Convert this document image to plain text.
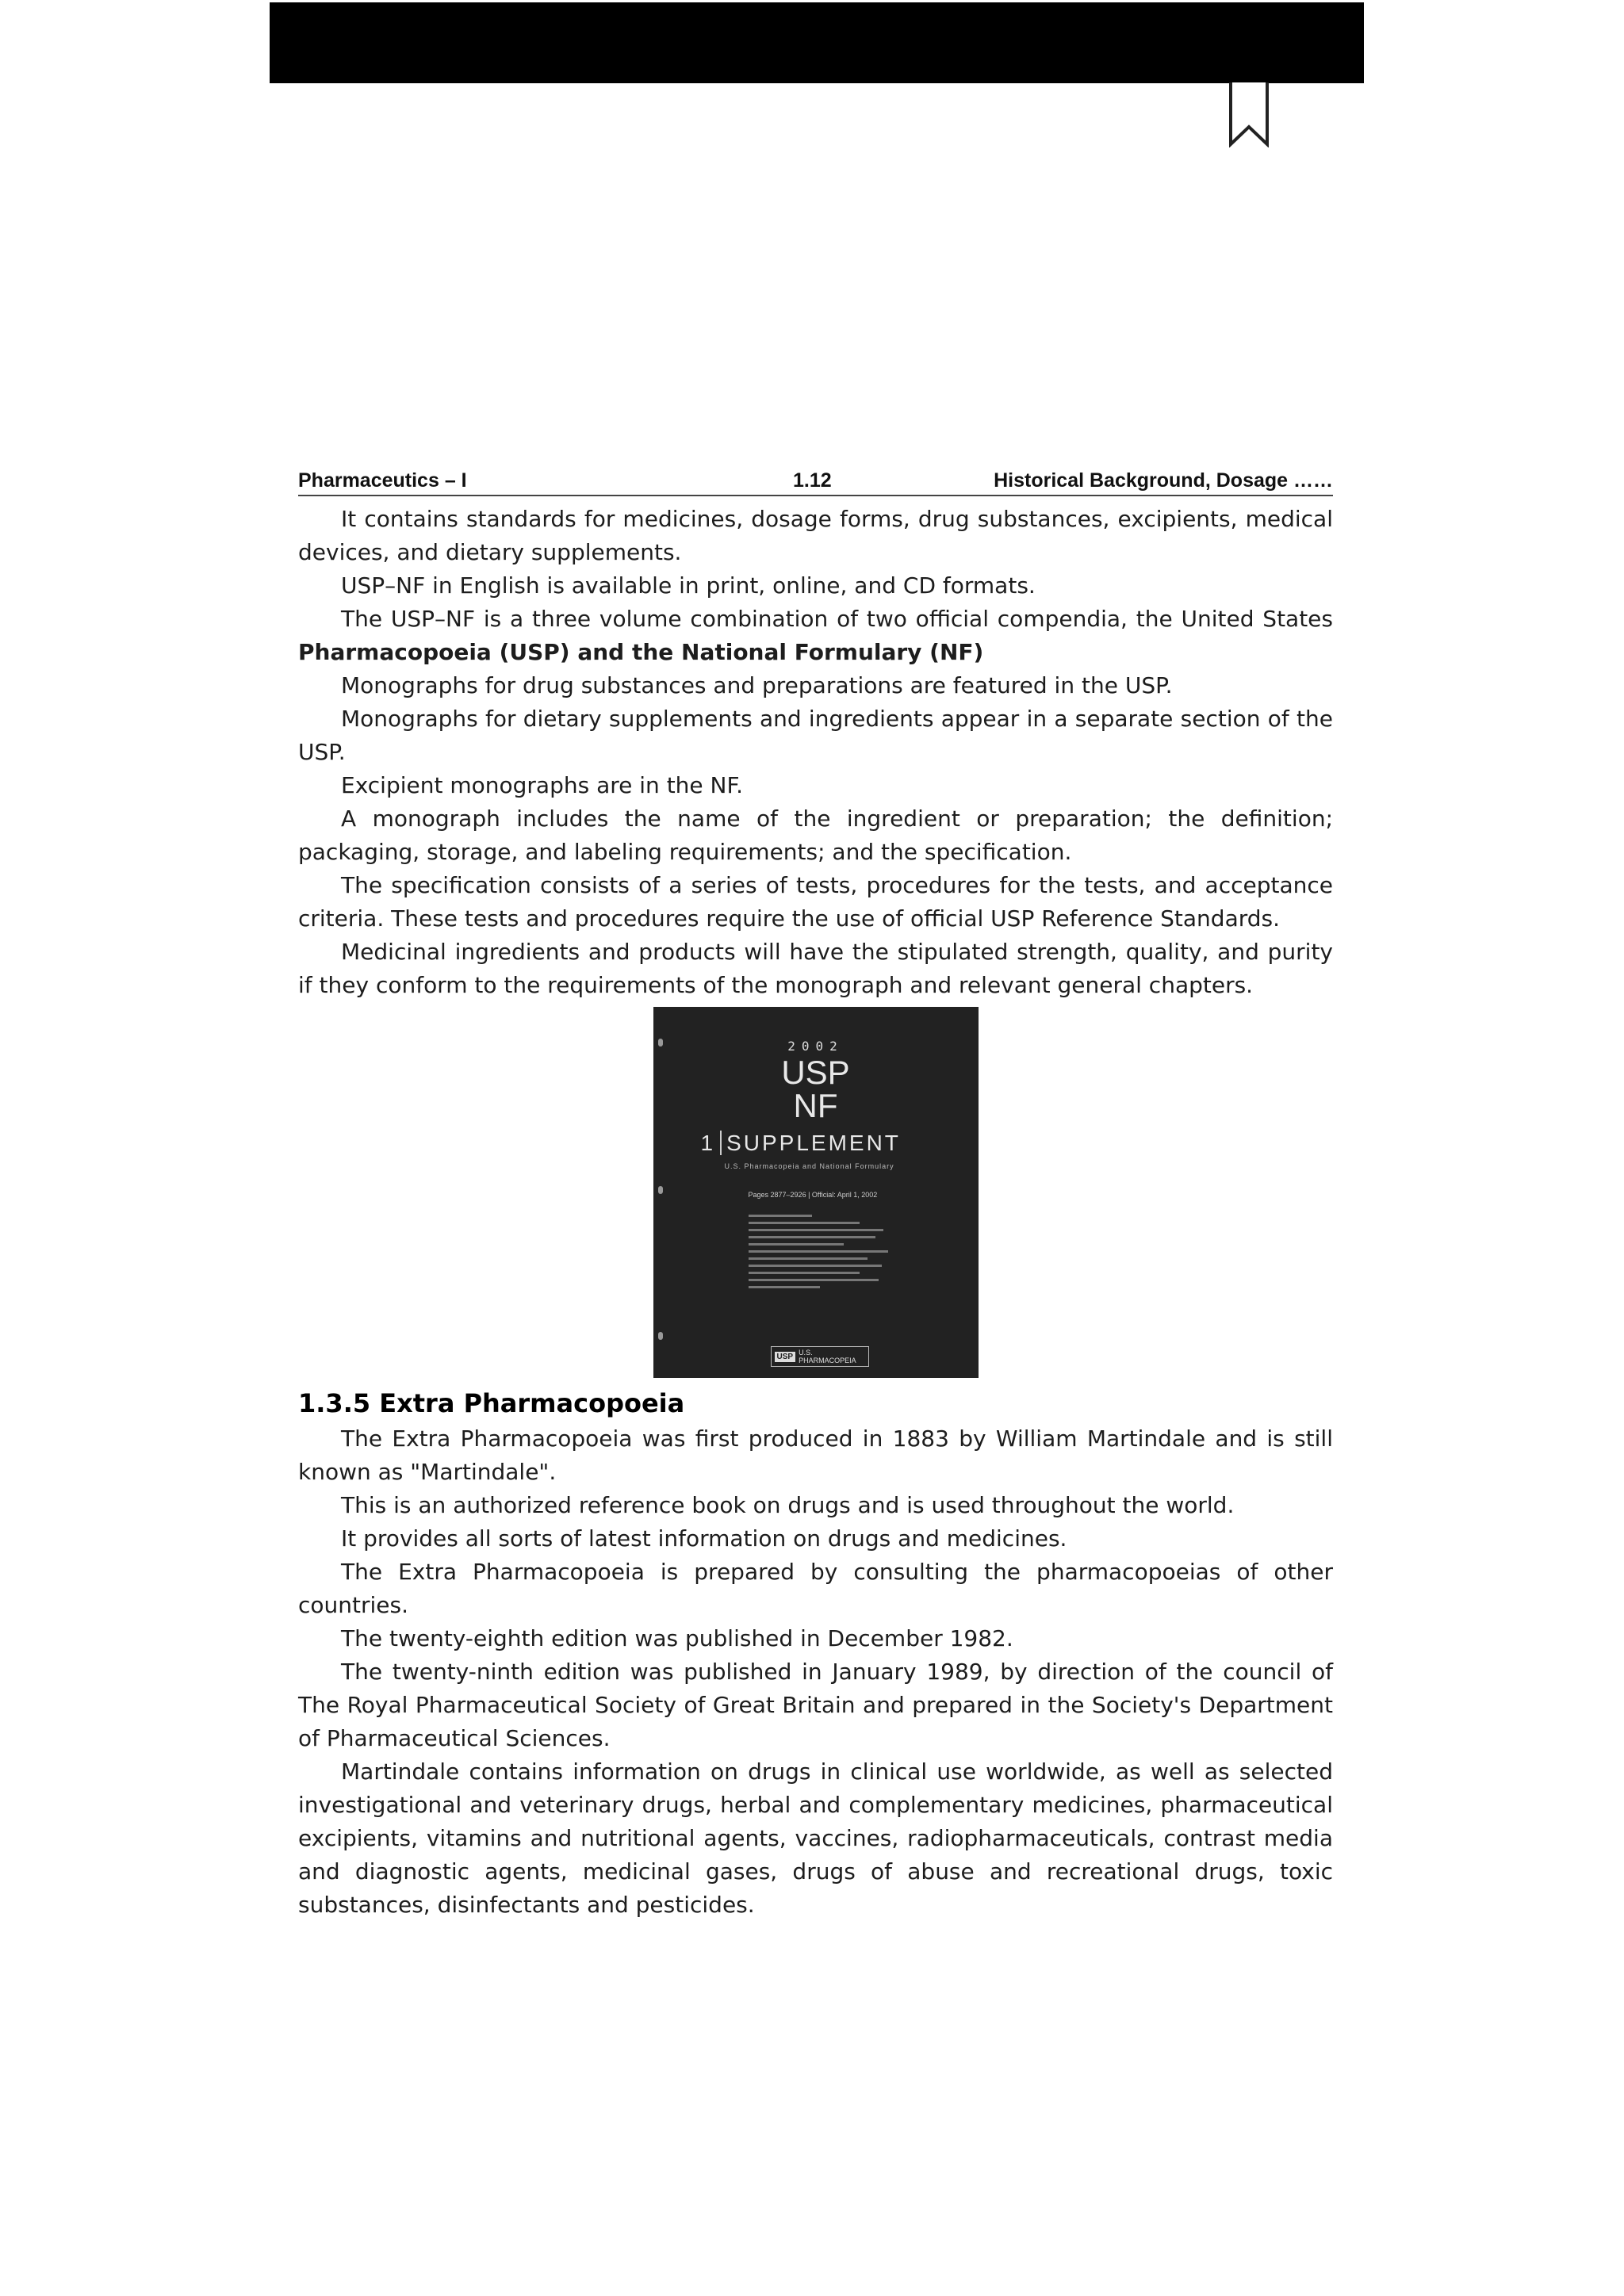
Pharmaceutics – I	1.12	Historical Background, Dosage ……

It contains standards for medicines, dosage forms, drug substances, excipients, medical devices, and dietary supplements.

USP–NF in English is available in print, online, and CD formats.

The USP–NF is a three volume combination of two official compendia, the United States

Pharmacopoeia (USP) and the National Formulary (NF)

Monographs for drug substances and preparations are featured in the USP.

Monographs for dietary supplements and ingredients appear in a separate section of the USP.

Excipient monographs are in the NF.

A monograph includes the name of the ingredient or preparation; the definition; packaging, storage, and labeling requirements; and the specification.

The specification consists of a series of tests, procedures for the tests, and acceptance criteria. These tests and procedures require the use of official USP Reference Standards.

Medicinal ingredients and products will have the stipulated strength, quality, and purity if they conform to the requirements of the monograph and relevant general chapters.

2002
USP
NF
1 SUPPLEMENT
U.S. Pharmacopeia and National Formulary
Pages 2877–2926 | Official: April 1, 2002
USP U.S. PHARMACOPEIA
1.3.5 Extra Pharmacopoeia

The Extra Pharmacopoeia was first produced in 1883 by William Martindale and is still known as "Martindale".

This is an authorized reference book on drugs and is used throughout the world.

It provides all sorts of latest information on drugs and medicines.

The Extra Pharmacopoeia is prepared by consulting the pharmacopoeias of other countries.

The twenty-eighth edition was published in December 1982.

The twenty-ninth edition was published in January 1989, by direction of the council of The Royal Pharmaceutical Society of Great Britain and prepared in the Society's Department of Pharmaceutical Sciences.

Martindale contains information on drugs in clinical use worldwide, as well as selected investigational and veterinary drugs, herbal and complementary medicines, pharmaceutical excipients, vitamins and nutritional agents, vaccines, radiopharmaceuticals, contrast media and diagnostic agents, medicinal gases, drugs of abuse and recreational drugs, toxic substances, disinfectants and pesticides.
